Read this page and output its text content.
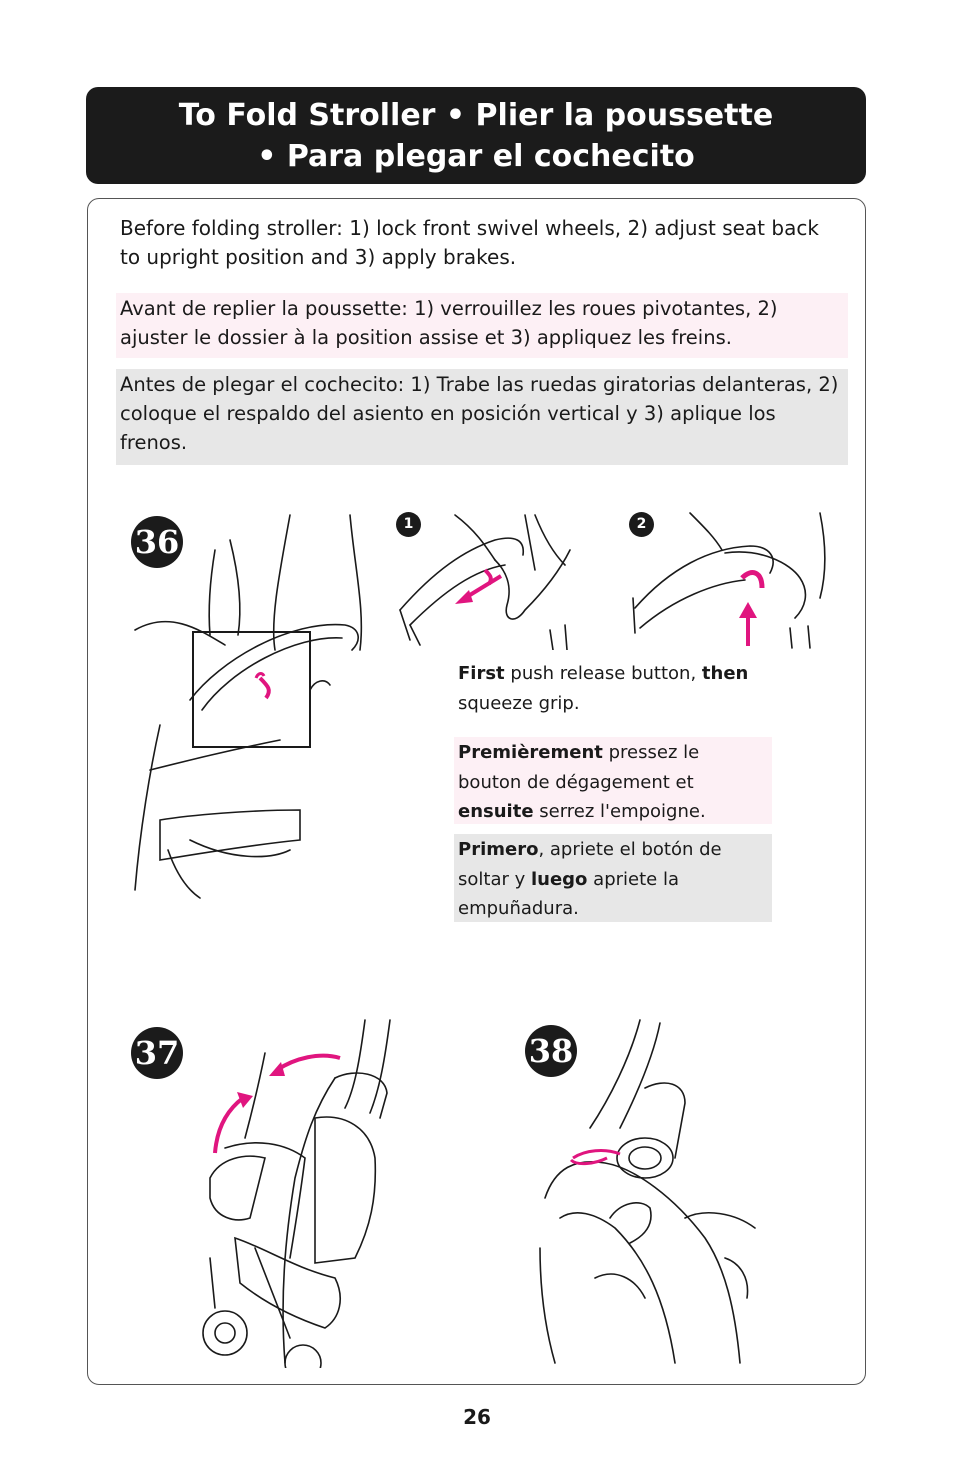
To Fold Stroller • Plier la poussette
• Para plegar el cochecito
Before folding stroller: 1) lock front swivel wheels, 2) adjust seat back to upright position and 3) apply brakes.
Avant de replier la poussette: 1) verrouillez les roues pivotantes, 2) ajuster le dossier à la position assise et 3) appliquez les freins.
Antes de plegar el cochecito: 1) Trabe las ruedas giratorias delanteras, 2) coloque el respaldo del asiento en posición vertical y 3) aplique los frenos.
36	1	2
First push release button, then squeeze grip.
Premièrement pressez le bouton de dégagement et ensuite serrez l'empoigne.
Primero, apriete el botón de soltar y luego apriete la empuñadura.
37	38
26
